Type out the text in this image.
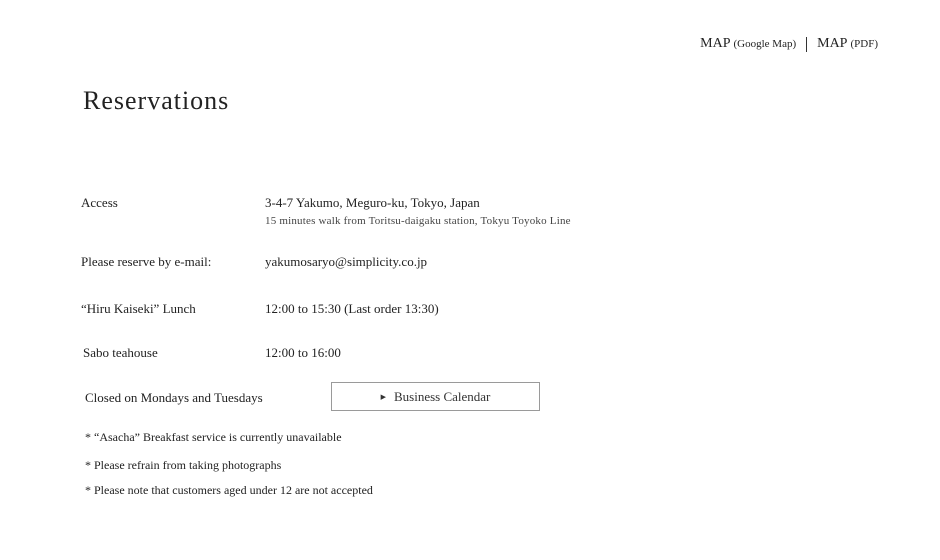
MAP (Google Map) MAP (PDF)
Reservations
Access	3-4-7 Yakumo, Meguro-ku, Tokyo, Japan
15 minutes walk from Toritsu-daigaku station, Tokyu Toyoko Line
Please reserve by e-mail:	yakumosaryo@simplicity.co.jp
“Hiru Kaiseki” Lunch	12:00 to 15:30 (Last order 13:30)
Sabo teahouse	12:00 to 16:00
Closed on Mondays and Tuesdays	▶ Business Calendar
* “Asacha” Breakfast service is currently unavailable
* Please refrain from taking photographs
* Please note that customers aged under 12 are not accepted
